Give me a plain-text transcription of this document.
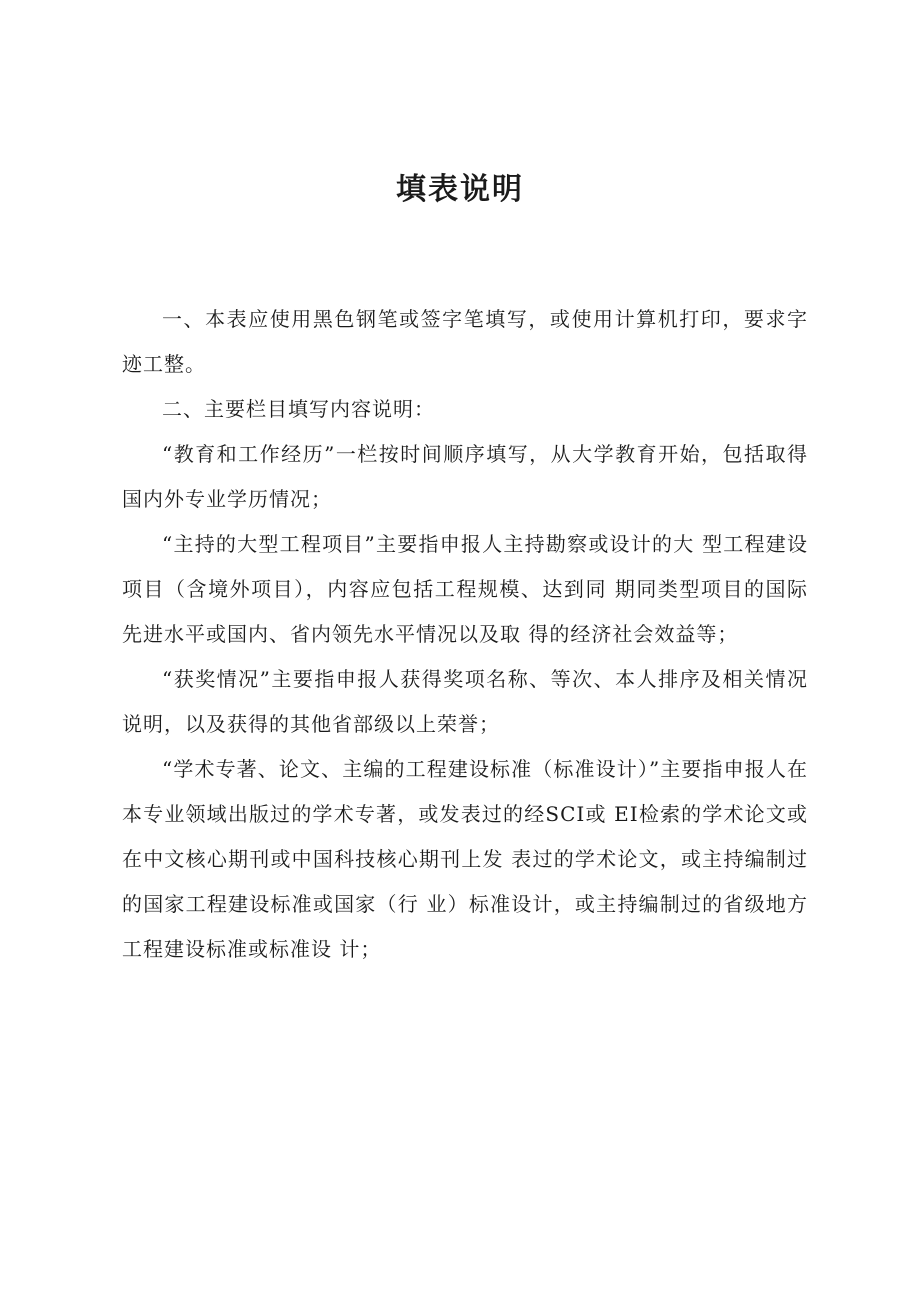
填表说明

一、本表应使用黑色钢笔或签字笔填写，或使用计算机打印，要求字迹工整。

二、主要栏目填写内容说明：

“教育和工作经历”一栏按时间顺序填写，从大学教育开始，包括取得国内外专业学历情况；

“主持的大型工程项目”主要指申报人主持勘察或设计的大 型工程建设项目（含境外项目），内容应包括工程规模、达到同 期同类型项目的国际先进水平或国内、省内领先水平情况以及取 得的经济社会效益等；

“获奖情况”主要指申报人获得奖项名称、等次、本人排序及相关情况说明，以及获得的其他省部级以上荣誉；

“学术专著、论文、主编的工程建设标准（标准设计）”主要指申报人在本专业领域出版过的学术专著，或发表过的经SCI或 EI检索的学术论文或在中文核心期刊或中国科技核心期刊上发 表过的学术论文，或主持编制过的国家工程建设标准或国家（行 业）标准设计，或主持编制过的省级地方工程建设标准或标准设 计；
